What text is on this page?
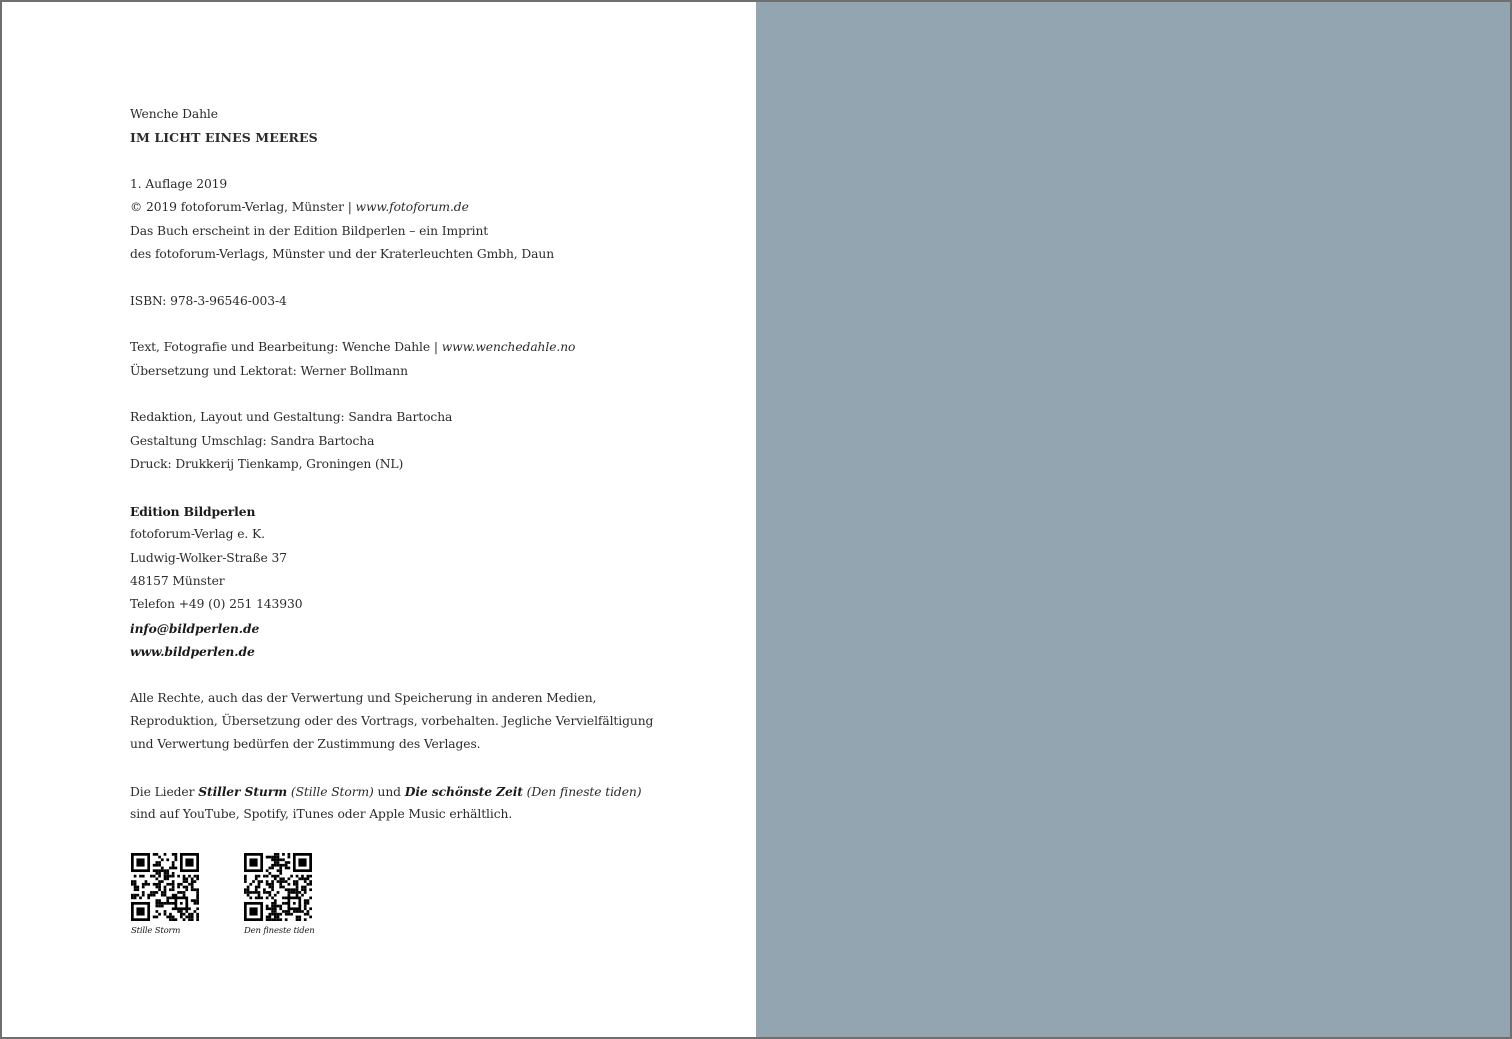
Wenche Dahle
IM LICHT EINES MEERES
1. Auflage 2019
© 2019 fotoforum-Verlag, Münster | www.fotoforum.de
Das Buch erscheint in der Edition Bildperlen – ein Imprint
des fotoforum-Verlags, Münster und der Kraterleuchten Gmbh, Daun
ISBN: 978-3-96546-003-4
Text, Fotografie und Bearbeitung: Wenche Dahle | www.wenchedahle.no
Übersetzung und Lektorat: Werner Bollmann
Redaktion, Layout und Gestaltung: Sandra Bartocha
Gestaltung Umschlag: Sandra Bartocha
Druck: Drukkerij Tienkamp, Groningen (NL)
Edition Bildperlen
fotoforum-Verlag e. K.
Ludwig-Wolker-Straße 37
48157 Münster
Telefon +49 (0) 251 143930
info@bildperlen.de
www.bildperlen.de
Alle Rechte, auch das der Verwertung und Speicherung in anderen Medien,
Reproduktion, Übersetzung oder des Vortrags, vorbehalten. Jegliche Vervielfältigung
und Verwertung bedürfen der Zustimmung des Verlages.
Die Lieder Stiller Sturm (Stille Storm) und Die schönste Zeit (Den fineste tiden)
sind auf YouTube, Spotify, iTunes oder Apple Music erhältlich.
Stille Storm	Den fineste tiden
